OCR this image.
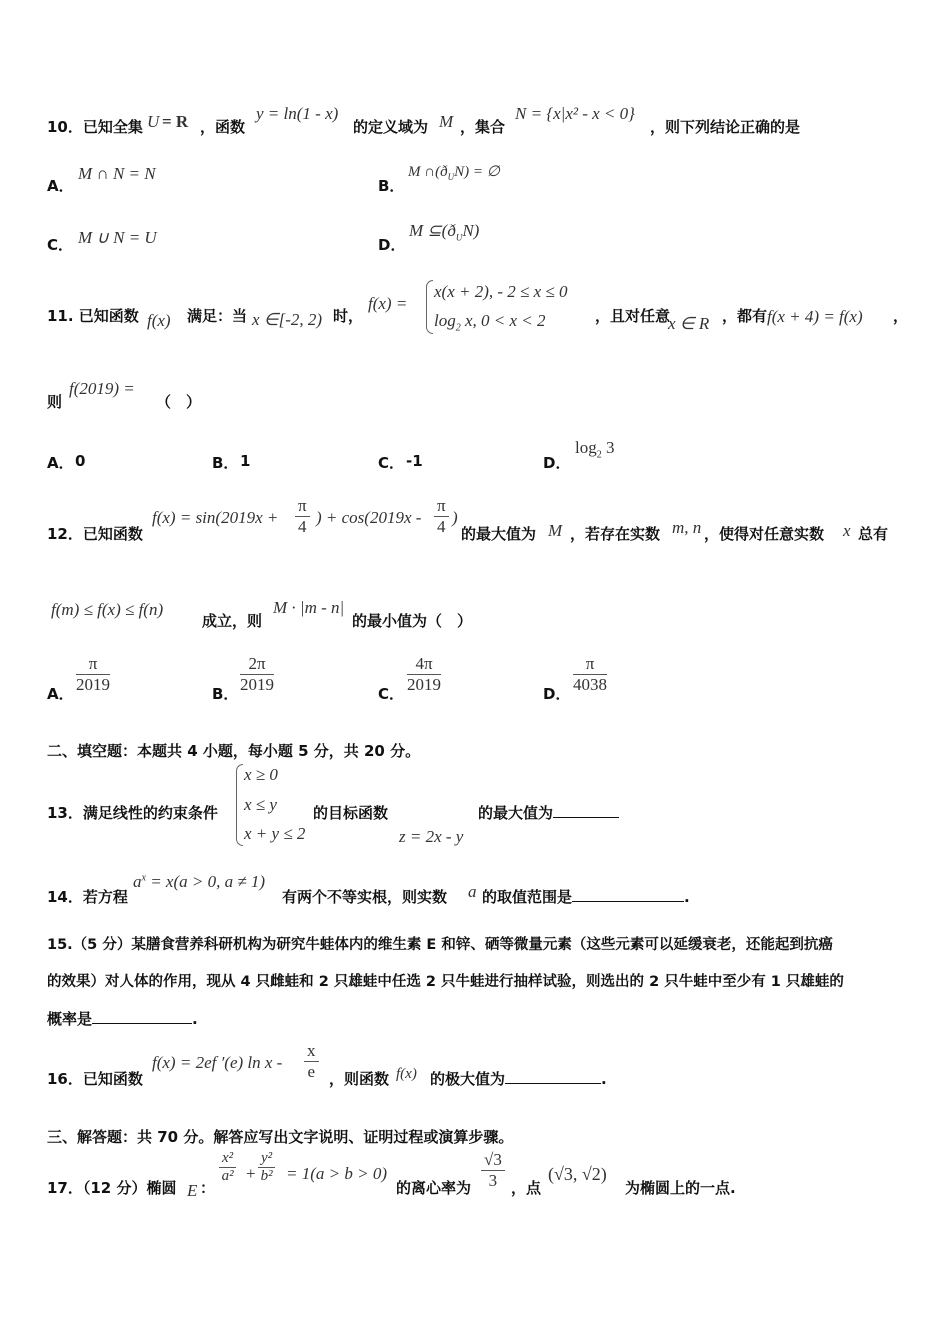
10．已知全集 U = R ，函数
y = ln(1 - x)
的定义域为 M ，集合
N = {x|x² - x < 0}
，则下列结论正确的是
A．
M ∩ N = N
B．
M $\cap(ð_UN)$ = ∅
C． M ∪ N = U	D．
M $⊆(ð_UN)$
11. 已知函数 f(x) 满足：当 x ∈[-2, 2) 时，
f(x) =
x(x + 2), - 2 ≤ x ≤ 0
$\log_2 x$, 0 < x < 2	，且对任意
x ∈ R ，都有 f(x + 4) = f(x) ，
则
f(2019) =
（　）
A． 0	B． 1	C． -1	D．
$\log_2 3$
12．已知函数
f(x) = sin(2019x +
π
4 ) + cos(2019x -
π
4 )
的最大值为 M ，若存在实数 m, n ，使得对任意实数 x 总有
f(m) ≤ f(x) ≤ f(n)
成立，则
M · |m - n|
的最小值为（　）
A．
π
2019	B．
2π
2019	C．
4π
2019	D．
π
4038
二、填空题：本题共 4 小题，每小题 5 分，共 20 分。
13．满足线性的约束条件
x ≥ 0
x ≤ y
x + y ≤ 2
的目标函数
z = 2x - y
的最大值为
14．若方程
$a^x = x(a > 0$, a ≠ 1)
有两个不等实根，则实数 a 的取值范围是	.
15.（5 分）某膳食营养科研机构为研究牛蛙体内的维生素 E 和锌、硒等微量元素（这些元素可以延缓衰老，还能起到抗癌
的效果）对人体的作用，现从 4 只雌蛙和 2 只雄蛙中任选 2 只牛蛙进行抽样试验，则选出的 2 只牛蛙中至少有 1 只雄蛙的
概率是	.
16．已知函数
f(x) = 2ef ′(e) ln x -
x
e ，则函数 f(x) 的极大值为	.
三、解答题：共 70 分。解答应写出文字说明、证明过程或演算步骤。
17．（12 分）椭圆 E ：
x²
a² +
y²
b² = 1(a > b > 0)
的离心率为
√3
3 ，点
(√3, √2)
为椭圆上的一点.
